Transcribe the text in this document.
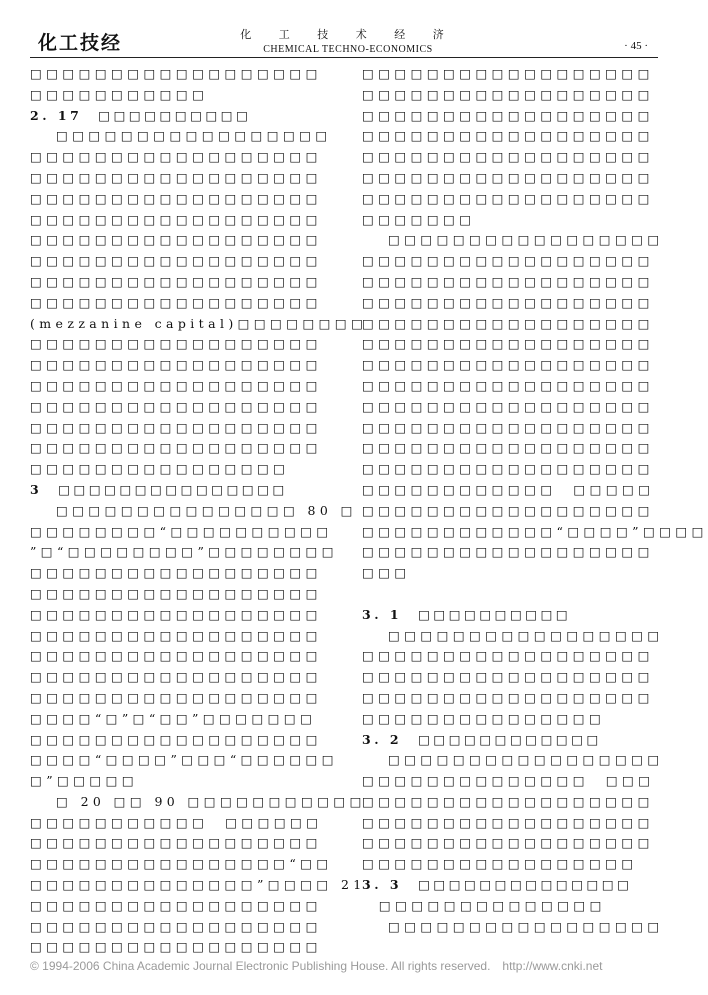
化工技经	化 工 技 术 经 济
CHEMICAL TECHNO-ECONOMICS	· 45 ·
□□□□□□□□□□□□□□□□□□
□□□□□□□□□□□
2. 17　□□□□□□□□□□
□□□□□□□□□□□□□□□□□
□□□□□□□□□□□□□□□□□□
□□□□□□□□□□□□□□□□□□
□□□□□□□□□□□□□□□□□□
□□□□□□□□□□□□□□□□□□
□□□□□□□□□□□□□□□□□□
□□□□□□□□□□□□□□□□□□
□□□□□□□□□□□□□□□□□□
□□□□□□□□□□□□□□□□□□
(mezzanine capital)□□□□□□□□
□□□□□□□□□□□□□□□□□□
□□□□□□□□□□□□□□□□□□
□□□□□□□□□□□□□□□□□□
□□□□□□□□□□□□□□□□□□
□□□□□□□□□□□□□□□□□□
□□□□□□□□□□□□□□□□□□
□□□□□□□□□□□□□□□□
3　□□□□□□□□□□□□□□□
□□□□□□□□□□□□□□□ 80 □
□□□□□□□□“□□□□□□□□□□
”□“□□□□□□□□”□□□□□□□□
□□□□□□□□□□□□□□□□□□
□□□□□□□□□□□□□□□□□□
□□□□□□□□□□□□□□□□□□
□□□□□□□□□□□□□□□□□□
□□□□□□□□□□□□□□□□□□
□□□□□□□□□□□□□□□□□□
□□□□□□□□□□□□□□□□□□
□□□□“□”□“□□”□□□□□□□
□□□□□□□□□□□□□□□□□□
□□□□“□□□□”□□□“□□□□□□
□”□□□□□
□ 20 □□ 90 □□□□□□□□□□□
□□□□□□□□□□□　□□□□□□
□□□□□□□□□□□□□□□□□□
□□□□□□□□□□□□□□□□“□□
□□□□□□□□□□□□□□”□□□□ 21
□□□□□□□□□□□□□□□□□□
□□□□□□□□□□□□□□□□□□
□□□□□□□□□□□□□□□□□□
□□□□□□□□□□□□□□□□□□
□□□□□□□□□□□□□□□□□□
□□□□□□□□□□□□□□□□□□
□□□□□□□□□□□□□□□□□□
□□□□□□□□□□□□□□□□□□
□□□□□□□□□□□□□□□□□□
□□□□□□□□□□□□□□□□□□
□□□□□□□
□□□□□□□□□□□□□□□□□
□□□□□□□□□□□□□□□□□□
□□□□□□□□□□□□□□□□□□
□□□□□□□□□□□□□□□□□□
□□□□□□□□□□□□□□□□□□
□□□□□□□□□□□□□□□□□□
□□□□□□□□□□□□□□□□□□
□□□□□□□□□□□□□□□□□□
□□□□□□□□□□□□□□□□□□
□□□□□□□□□□□□□□□□□□
□□□□□□□□□□□□□□□□□□
□□□□□□□□□□□□□□□□□□
□□□□□□□□□□□□　□□□□□
□□□□□□□□□□□□□□□□□□
□□□□□□□□□□□□“□□□□”□□□□
□□□□□□□□□□□□□□□□□□
□□□
3. 1　□□□□□□□□□□
□□□□□□□□□□□□□□□□□
□□□□□□□□□□□□□□□□□□
□□□□□□□□□□□□□□□□□□
□□□□□□□□□□□□□□□□□□
□□□□□□□□□□□□□□□
3. 2　□□□□□□□□□□□□
□□□□□□□□□□□□□□□□□
□□□□□□□□□□□□□□　□□□
□□□□□□□□□□□□□□□□□□
□□□□□□□□□□□□□□□□□□
□□□□□□□□□□□□□□□□□□
□□□□□□□□□□□□□□□□□
3. 3　□□□□□□□□□□□□□□
　□□□□□□□□□□□□□□
□□□□□□□□□□□□□□□□□
© 1994-2006 China Academic Journal Electronic Publishing House. All rights reserved.　http://www.cnki.net
